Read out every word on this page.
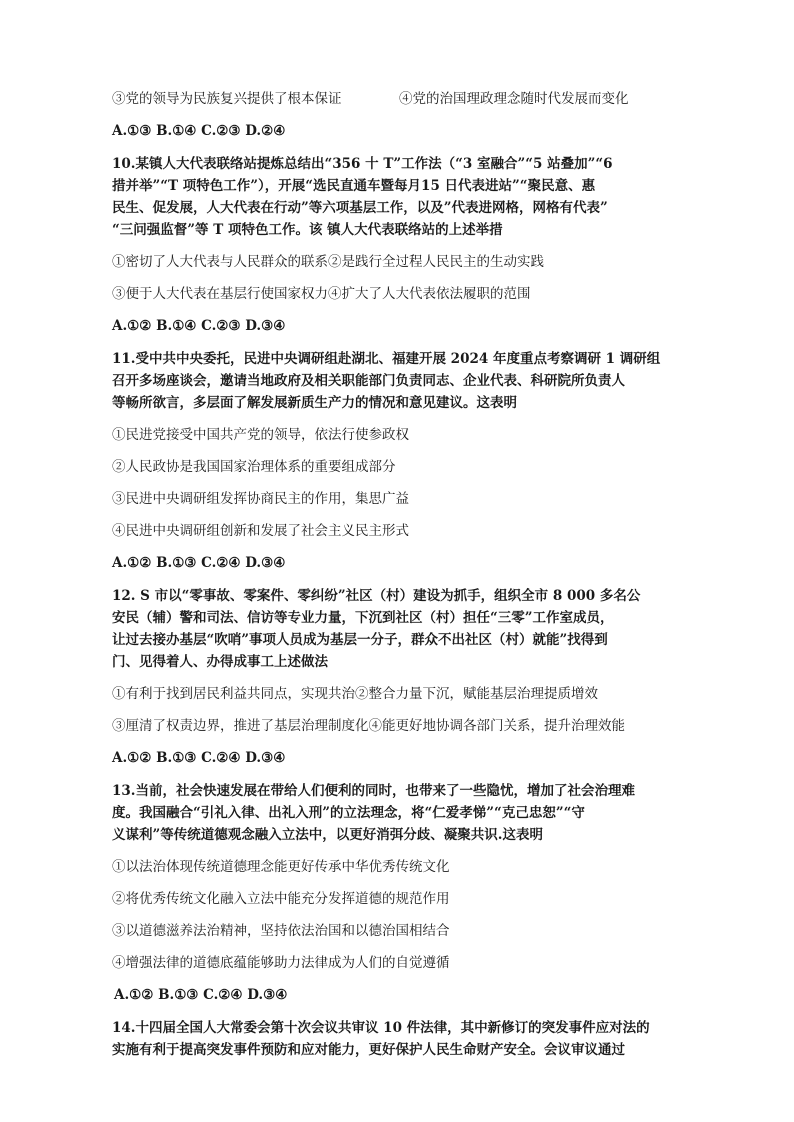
③党的领导为民族复兴提供了根本保证	④党的治国理政理念随时代发展而变化
A.①③ B.①④ C.②③ D.②④
10.某镇人大代表联络站提炼总结出“356 十 T”工作法（“3 室融合”“5 站叠加”“6
措并举”“T 项特色工作”），开展“选民直通车暨每月15 日代表进站”“聚民意、惠
民生、促发展，人大代表在行动”等六项基层工作，以及”代表进网格，网格有代表”
“三问强监督”等 T 项特色工作。该 镇人大代表联络站的上述举措
①密切了人大代表与人民群众的联系②是践行全过程人民民主的生动实践
③便于人大代表在基层行使国家权力④扩大了人大代表依法履职的范围
A.①② B.①④ C.②③ D.③④
11.受中共中央委托，民进中央调研组赴湖北、福建开展 2024 年度重点考察调研 1 调研组
召开多场座谈会，邀请当地政府及相关职能部门负责同志、企业代表、科研院所负责人
等畅所欲言，多层面了解发展新质生产力的情况和意见建议。这表明
①民进党接受中国共产党的领导，依法行使参政权
②人民政协是我国国家治理体系的重要组成部分
③民进中央调研组发挥协商民主的作用，集思广益
④民进中央调研组创新和发展了社会主义民主形式
A.①② B.①③ C.②④ D.③④
12. S 市以“零事故、零案件、零纠纷”社区（村）建设为抓手，组织全市 8 000 多名公
安民（辅）警和司法、信访等专业力量，下沉到社区（村）担任“三零”工作室成员，
让过去接办基层“吹哨”事项人员成为基层一分子，群众不出社区（村）就能”找得到
门、见得着人、办得成事工上述做法
①有利于找到居民利益共同点，实现共治②整合力量下沉，赋能基层治理提质增效
③厘清了权责边界，推进了基层治理制度化④能更好地协调各部门关系，提升治理效能
A.①② B.①③ C.②④ D.③④
13.当前，社会快速发展在带给人们便利的同时，也带来了一些隐忧，增加了社会治理难
度。我国融合“引礼入律、出礼入刑”的立法理念，将“仁爱孝悌”“克己忠恕”“守
义谋利”等传统道德观念融入立法中，以更好消弭分歧、凝聚共识.这表明
①以法治体现传统道德理念能更好传承中华优秀传统文化
②将优秀传统文化融入立法中能充分发挥道德的规范作用
③以道德滋养法治精神，坚持依法治国和以德治国相结合
④增强法律的道德底蕴能够助力法律成为人们的自觉遵循
A.①② B.①③ C.②④ D.③④
14.十四届全国人大常委会第十次会议共审议 10 件法律，其中新修订的突发事件应对法的
实施有利于提高突发事件预防和应对能力，更好保护人民生命财产安全。会议审议通过
